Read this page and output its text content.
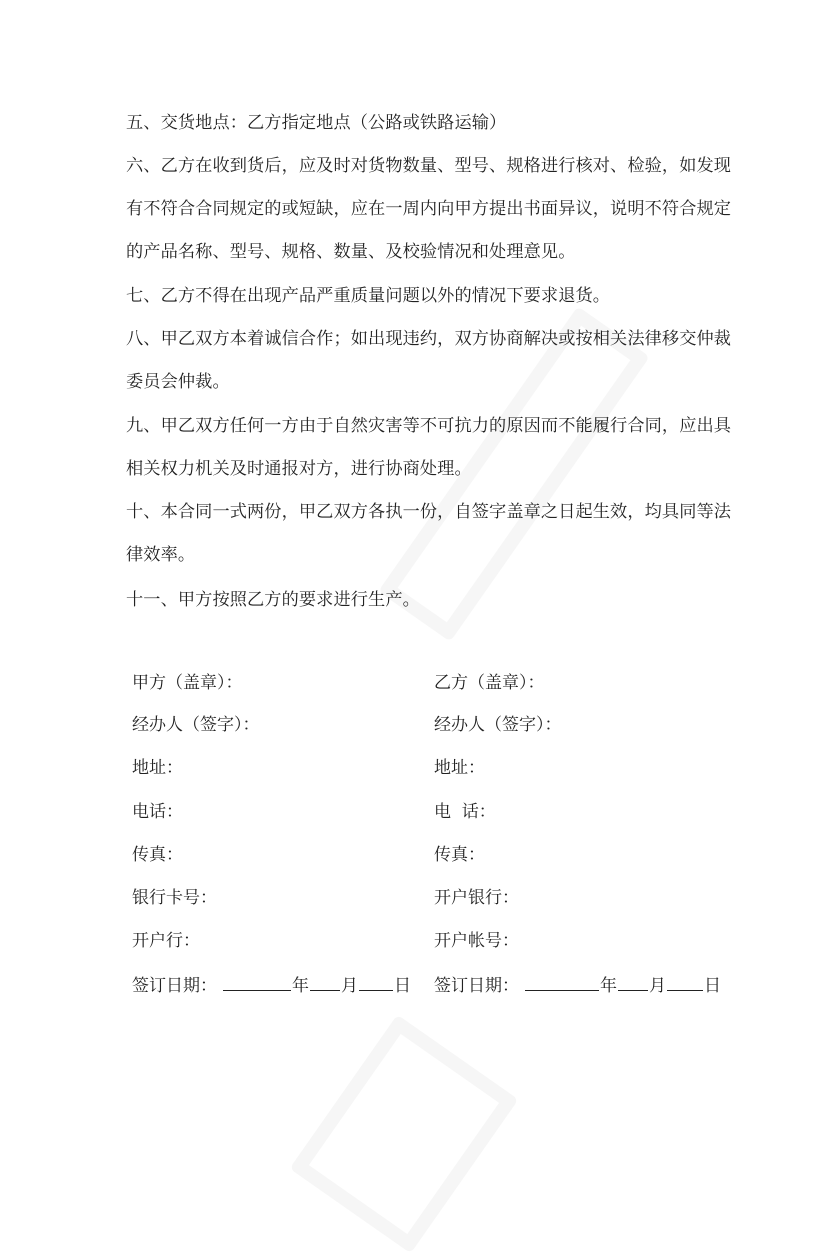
五、交货地点：乙方指定地点（公路或铁路运输）
六、乙方在收到货后，应及时对货物数量、型号、规格进行核对、检验，如发现
有不符合合同规定的或短缺，应在一周内向甲方提出书面异议，说明不符合规定
的产品名称、型号、规格、数量、及校验情况和处理意见。
七、乙方不得在出现产品严重质量问题以外的情况下要求退货。
八、甲乙双方本着诚信合作；如出现违约，双方协商解决或按相关法律移交仲裁
委员会仲裁。
九、甲乙双方任何一方由于自然灾害等不可抗力的原因而不能履行合同，应出具
相关权力机关及时通报对方，进行协商处理。
十、本合同一式两份，甲乙双方各执一份，自签字盖章之日起生效，均具同等法
律效率。
十一、甲方按照乙方的要求进行生产。
甲方（盖章）：
经办人（签字）：
地址：
电话：
传真：
银行卡号：
开户行：
签订日期：	年 月 日
乙方（盖章）：
经办人（签字）：
地址：
电  话：
传真：
开户银行：
开户帐号：
签订日期：	年 月 日
